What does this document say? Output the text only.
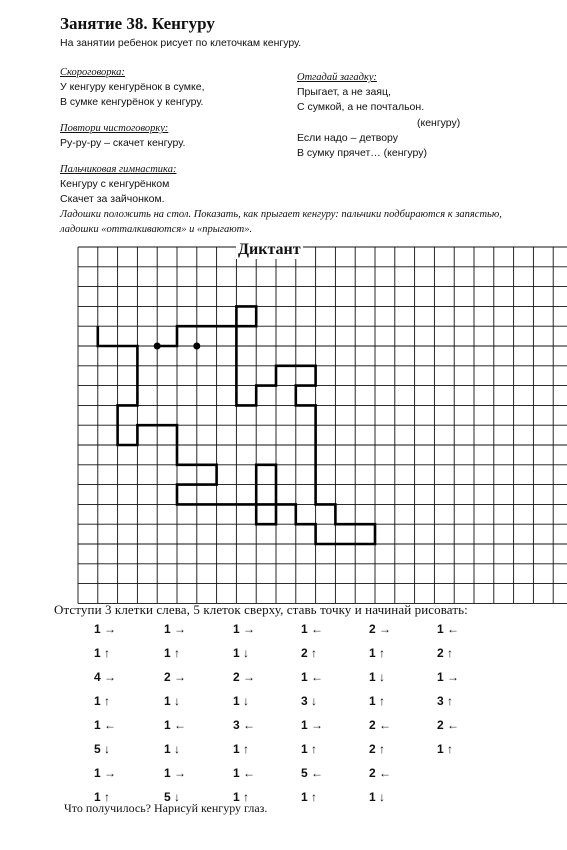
Занятие 38. Кенгуру
На занятии ребенок рисует по клеточкам кенгуру.
Скороговорка:
У кенгуру кенгурёнок в сумке,
В сумке кенгурёнок у кенгуру.
Повтори чистоговорку:
Ру-ру-ру – скачет кенгуру.
Пальчиковая гимнастика:
Кенгуру с кенгурёнком
Скачет за зайчонком.
Ладошки положить на стол. Показать, как прыгает кенгуру: пальчики подбираются к запястью, ладошки «отталкиваются» и «прыгают».
Отгадай загадку:
Прыгает, а не заяц,
С сумкой, а не почтальон.
(кенгуру)
Если надо – детвору
В сумку прячет… (кенгуру)
Диктант
Отступи 3 клетки слева, 5 клеток сверху, ставь точку и начинай рисовать:
1 →
1 ↑
4 →
1 ↑
1 ←
5 ↓
1 →
1 ↑
1 →
1 ↑
2 →
1 ↓
1 ←
1 ↓
1 →
5 ↓
1 →
1 ↓
2 →
1 ↓
3 ←
1 ↑
1 ←
1 ↑
1 ←
2 ↑
1 ←
3 ↓
1 →
1 ↑
5 ←
1 ↑
2 →
1 ↑
1 ↓
1 ↑
2 ←
2 ↑
2 ←
1 ↓
1 ←
2 ↑
1 →
3 ↑
2 ←
1 ↑
Что получилось? Нарисуй кенгуру глаз.
